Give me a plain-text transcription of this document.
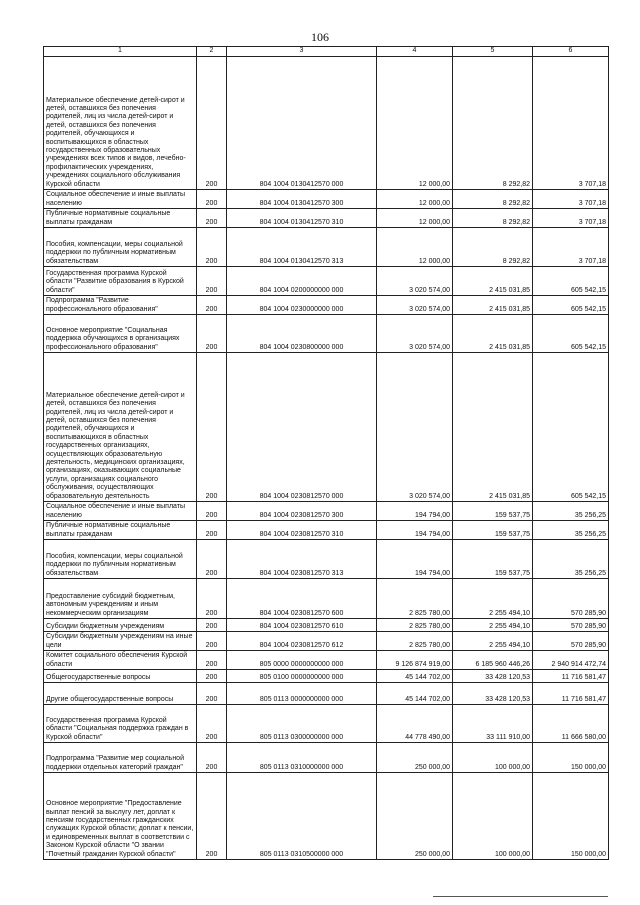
106
1	2	3	4	5	6
Материальное обеспечение детей-сирот и детей, оставшихся без попечения родителей, лиц из числа детей-сирот и детей, оставшихся без попечения родителей, обучающихся и воспитывающихся в областных государственных образовательных учреждениях всех типов и видов, лечебно-профилактических учреждениях, учреждениях социального обслуживания Курской области	200	804 1004 0130412570 000	12 000,00	8 292,82	3 707,18
Социальное обеспечение и иные выплаты населению	200	804 1004 0130412570 300	12 000,00	8 292,82	3 707,18
Публичные нормативные социальные выплаты гражданам	200	804 1004 0130412570 310	12 000,00	8 292,82	3 707,18
Пособия, компенсации, меры социальной поддержки по публичным нормативным обязательствам	200	804 1004 0130412570 313	12 000,00	8 292,82	3 707,18
Государственная программа Курской области "Развитие образования в Курской области"	200	804 1004 0200000000 000	3 020 574,00	2 415 031,85	605 542,15
Подпрограмма "Развитие профессионального образования"	200	804 1004 0230000000 000	3 020 574,00	2 415 031,85	605 542,15
Основное мероприятие "Социальная поддержка обучающихся в организациях профессионального образования"	200	804 1004 0230800000 000	3 020 574,00	2 415 031,85	605 542,15
Материальное обеспечение детей-сирот и детей, оставшихся без попечения родителей, лиц из числа детей-сирот и детей, оставшихся без попечения родителей, обучающихся и воспитывающихся в областных государственных организациях, осуществляющих образовательную деятельность, медицинских организациях, организациях, оказывающих социальные услуги, организациях социального обслуживания, осуществляющих образовательную деятельность	200	804 1004 0230812570 000	3 020 574,00	2 415 031,85	605 542,15
Социальное обеспечение и иные выплаты населению	200	804 1004 0230812570 300	194 794,00	159 537,75	35 256,25
Публичные нормативные социальные выплаты гражданам	200	804 1004 0230812570 310	194 794,00	159 537,75	35 256,25
Пособия, компенсации, меры социальной поддержки по публичным нормативным обязательствам	200	804 1004 0230812570 313	194 794,00	159 537,75	35 256,25
Предоставление субсидий бюджетным, автономным учреждениям и иным некоммерческим организациям	200	804 1004 0230812570 600	2 825 780,00	2 255 494,10	570 285,90
Субсидии бюджетным учреждениям	200	804 1004 0230812570 610	2 825 780,00	2 255 494,10	570 285,90
Субсидии бюджетным учреждениям на иные цели	200	804 1004 0230812570 612	2 825 780,00	2 255 494,10	570 285,90
Комитет социального обеспечения Курской области	200	805 0000 0000000000 000	9 126 874 919,00	6 185 960 446,26	2 940 914 472,74
Общегосударственные вопросы	200	805 0100 0000000000 000	45 144 702,00	33 428 120,53	11 716 581,47
Другие общегосударственные вопросы	200	805 0113 0000000000 000	45 144 702,00	33 428 120,53	11 716 581,47
Государственная программа Курской области "Социальная поддержка граждан в Курской области"	200	805 0113 0300000000 000	44 778 490,00	33 111 910,00	11 666 580,00
Подпрограмма "Развитие мер социальной поддержки отдельных категорий граждан"	200	805 0113 0310000000 000	250 000,00	100 000,00	150 000,00
Основное мероприятие "Предоставление выплат пенсий за выслугу лет, доплат к пенсиям государственных гражданских служащих Курской области; доплат к пенсии, и единовременных выплат в соответствии с Законом Курской области "О звании "Почетный гражданин Курской области"	200	805 0113 0310500000 000	250 000,00	100 000,00	150 000,00
